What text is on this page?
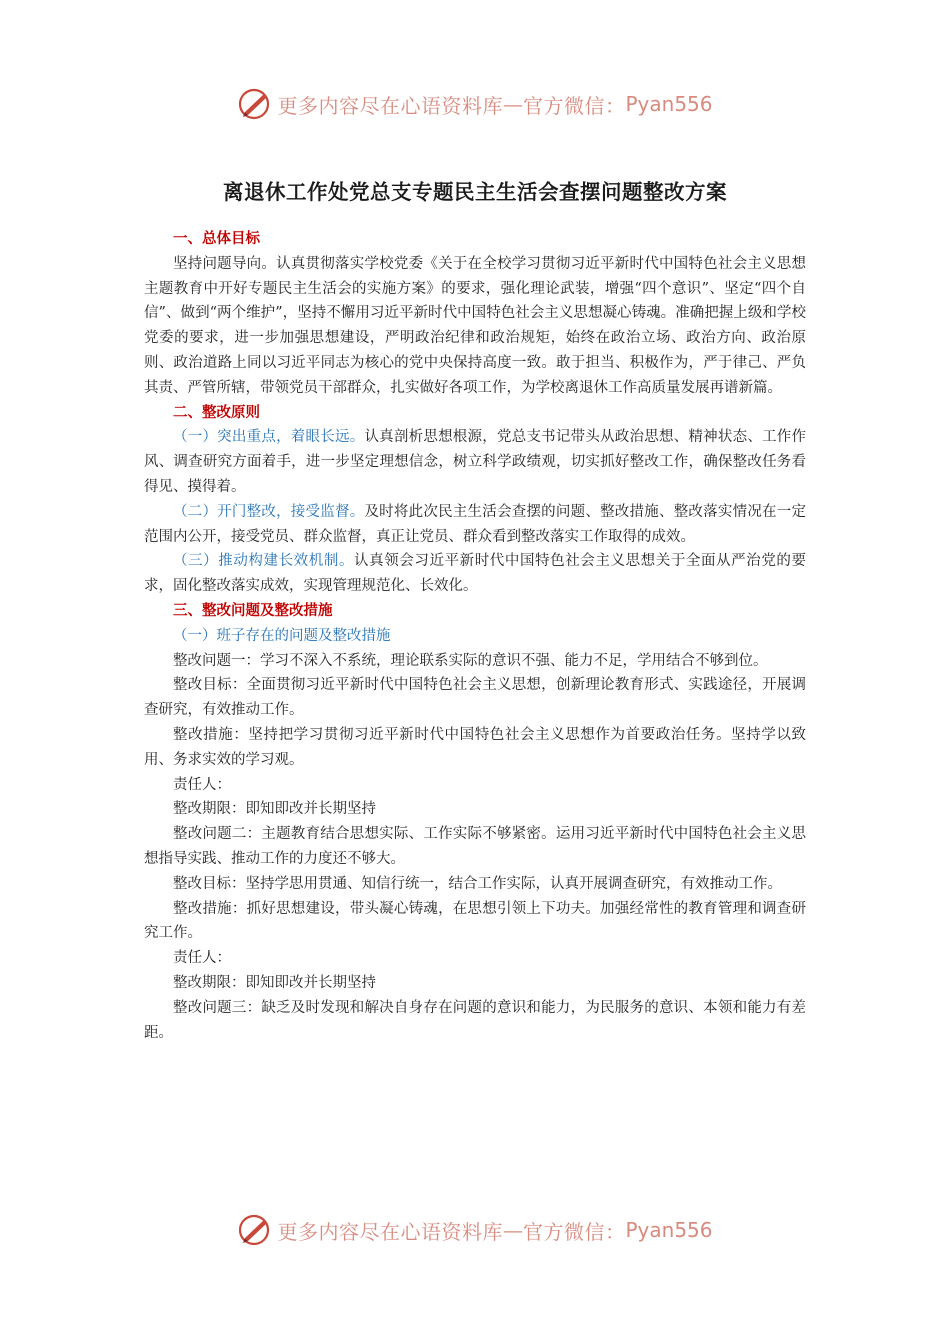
更多内容尽在心语资料库 — 官方微信： Pyan556
离退休工作处党总支专题民主生活会查摆问题整改方案

一、总体目标

坚持问题导向。认真贯彻落实学校党委《关于在全校学习贯彻习近平新时代中国特色社会主义思想主题教育中开好专题民主生活会的实施方案》的要求，强化理论武装，增强“四个意识”、坚定“四个自信”、做到“两个维护”，坚持不懈用习近平新时代中国特色社会主义思想凝心铸魂。准确把握上级和学校党委的要求，进一步加强思想建设，严明政治纪律和政治规矩，始终在政治立场、政治方向、政治原则、政治道路上同以习近平同志为核心的党中央保持高度一致。敢于担当、积极作为，严于律己、严负其责、严管所辖，带领党员干部群众，扎实做好各项工作，为学校离退休工作高质量发展再谱新篇。

二、整改原则

（一）突出重点，着眼长远。认真剖析思想根源，党总支书记带头从政治思想、精神状态、工作作风、调查研究方面着手，进一步坚定理想信念，树立科学政绩观，切实抓好整改工作，确保整改任务看得见、摸得着。

（二）开门整改，接受监督。及时将此次民主生活会查摆的问题、整改措施、整改落实情况在一定范围内公开，接受党员、群众监督，真正让党员、群众看到整改落实工作取得的成效。

（三）推动构建长效机制。认真领会习近平新时代中国特色社会主义思想关于全面从严治党的要求，固化整改落实成效，实现管理规范化、长效化。

三、整改问题及整改措施

（一）班子存在的问题及整改措施

整改问题一：学习不深入不系统，理论联系实际的意识不强、能力不足，学用结合不够到位。

整改目标：全面贯彻习近平新时代中国特色社会主义思想，创新理论教育形式、实践途径，开展调查研究，有效推动工作。

整改措施：坚持把学习贯彻习近平新时代中国特色社会主义思想作为首要政治任务。坚持学以致用、务求实效的学习观。

责任人：

整改期限：即知即改并长期坚持

整改问题二：主题教育结合思想实际、工作实际不够紧密。运用习近平新时代中国特色社会主义思想指导实践、推动工作的力度还不够大。

整改目标：坚持学思用贯通、知信行统一，结合工作实际，认真开展调查研究，有效推动工作。

整改措施：抓好思想建设，带头凝心铸魂，在思想引领上下功夫。加强经常性的教育管理和调查研究工作。

责任人：

整改期限：即知即改并长期坚持

整改问题三：缺乏及时发现和解决自身存在问题的意识和能力，为民服务的意识、本领和能力有差距。

更多内容尽在心语资料库 — 官方微信： Pyan556
